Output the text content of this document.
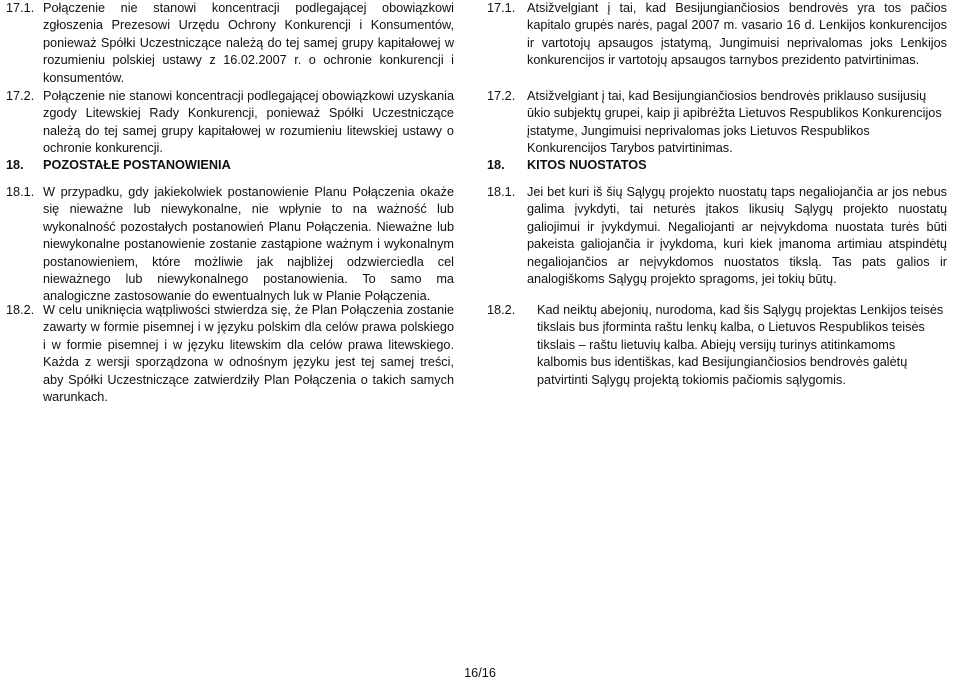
17.1. Połączenie nie stanowi koncentracji podlegającej obowiązkowi zgłoszenia Prezesowi Urzędu Ochrony Konkurencji i Konsumentów, ponieważ Spółki Uczestniczące należą do tej samej grupy kapitałowej w rozumieniu polskiej ustawy z 16.02.2007 r. o ochronie konkurencji i konsumentów.
17.2. Połączenie nie stanowi koncentracji podlegającej obowiązkowi uzyskania zgody Litewskiej Rady Konkurencji, ponieważ Spółki Uczestniczące należą do tej samej grupy kapitałowej w rozumieniu litewskiej ustawy o ochronie konkurencji.
18.	POZOSTAŁE POSTANOWIENIA
18.1. W przypadku, gdy jakiekolwiek postanowienie Planu Połączenia okaże się nieważne lub niewykonalne, nie wpłynie to na ważność lub wykonalność pozostałych postanowień Planu Połączenia. Nieważne lub niewykonalne postanowienie zostanie zastąpione ważnym i wykonalnym postanowieniem, które możliwie jak najbliżej odzwierciedla cel nieważnego lub niewykonalnego postanowienia. To samo ma analogiczne zastosowanie do ewentualnych luk w Planie Połączenia.
18.2. W celu uniknięcia wątpliwości stwierdza się, że Plan Połączenia zostanie zawarty w formie pisemnej i w języku polskim dla celów prawa polskiego i w formie pisemnej i w języku litewskim dla celów prawa litewskiego. Każda z wersji sporządzona w odnośnym języku jest tej samej treści, aby Spółki Uczestniczące zatwierdziły Plan Połączenia o takich samych warunkach.
17.1. Atsižvelgiant į tai, kad Besijungiančiosios bendrovės yra tos pačios kapitalo grupės narės, pagal 2007 m. vasario 16 d. Lenkijos konkurencijos ir vartotojų apsaugos įstatymą, Jungimuisi neprivalomas joks Lenkijos konkurencijos ir vartotojų apsaugos tarnybos prezidento patvirtinimas.
17.2. Atsižvelgiant į tai, kad Besijungiančiosios bendrovės priklauso susijusių ūkio subjektų grupei, kaip ji apibrėžta Lietuvos Respublikos Konkurencijos įstatyme, Jungimuisi neprivalomas joks Lietuvos Respublikos Konkurencijos Tarybos patvirtinimas.
18.	KITOS NUOSTATOS
18.1. Jei bet kuri iš šių Sąlygų projekto nuostatų taps negaliojančia ar jos nebus galima įvykdyti, tai neturės įtakos likusių Sąlygų projekto nuostatų galiojimui ir įvykdymui. Negaliojanti ar neįvykdoma nuostata turės būti pakeista galiojančia ir įvykdoma, kuri kiek įmanoma artimiau atspindėtų negaliojančios ar neįvykdomos nuostatos tikslą. Tas pats galios ir analogiškoms Sąlygų projekto spragoms, jei tokių būtų.
18.2.	Kad neiktų abejonių, nurodoma, kad šis Sąlygų projektas Lenkijos teisės tikslais bus įforminta raštu lenkų kalba, o Lietuvos Respublikos teisės tikslais – raštu lietuvių kalba. Abiejų versijų turinys atitinkamoms kalbomis bus identiškas, kad Besijungiančiosios bendrovės galėtų patvirtinti Sąlygų projektą tokiomis pačiomis sąlygomis.
16/16
